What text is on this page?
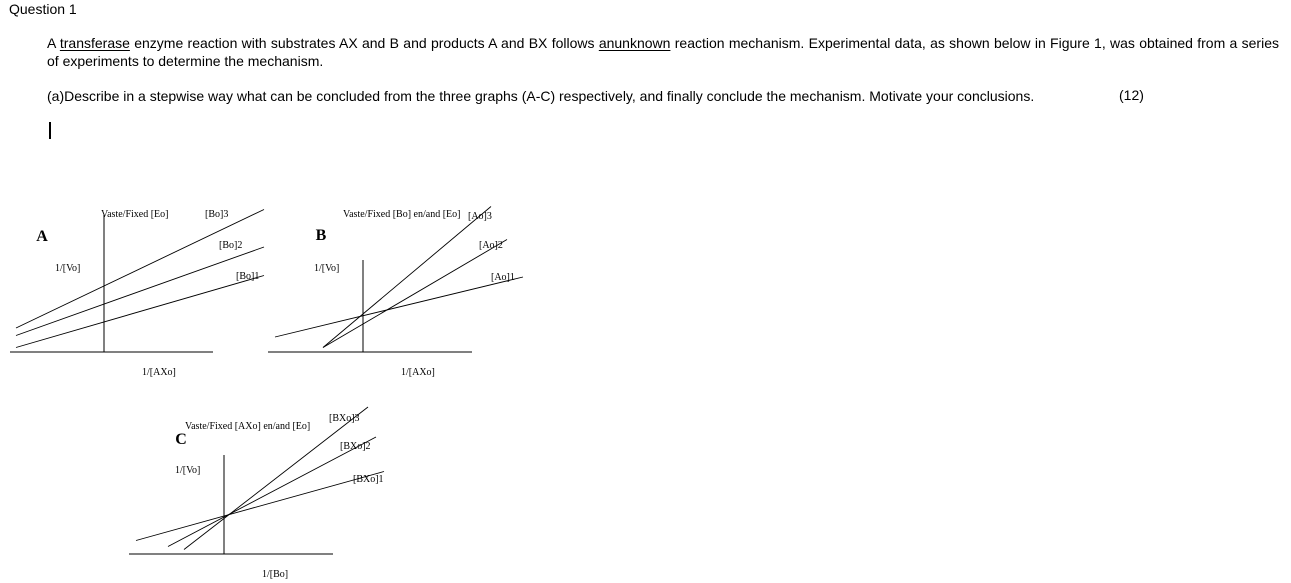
Question 1

A transferase enzyme reaction with substrates AX and B and products A and BX follows anunknown reaction mechanism. Experimental data, as shown below in Figure 1, was obtained from a series of experiments to determine the mechanism.

(a)Describe in a stepwise way what can be concluded from the three graphs (A-C) respectively, and finally conclude the mechanism. Motivate your conclusions.	(12)
[Bo]3
[Bo]2
[Bo]1
A
Vaste/Fixed [Eo]
1/[Vo]
1/[AXo]
[Ao]3
[Ao]2
[Ao]1
B
Vaste/Fixed [Bo] en/and [Eo]
1/[Vo]
1/[AXo]
[BXo]3
[BXo]2
[BXo]1
C
Vaste/Fixed [AXo] en/and [Eo]
1/[Vo]
1/[Bo]
